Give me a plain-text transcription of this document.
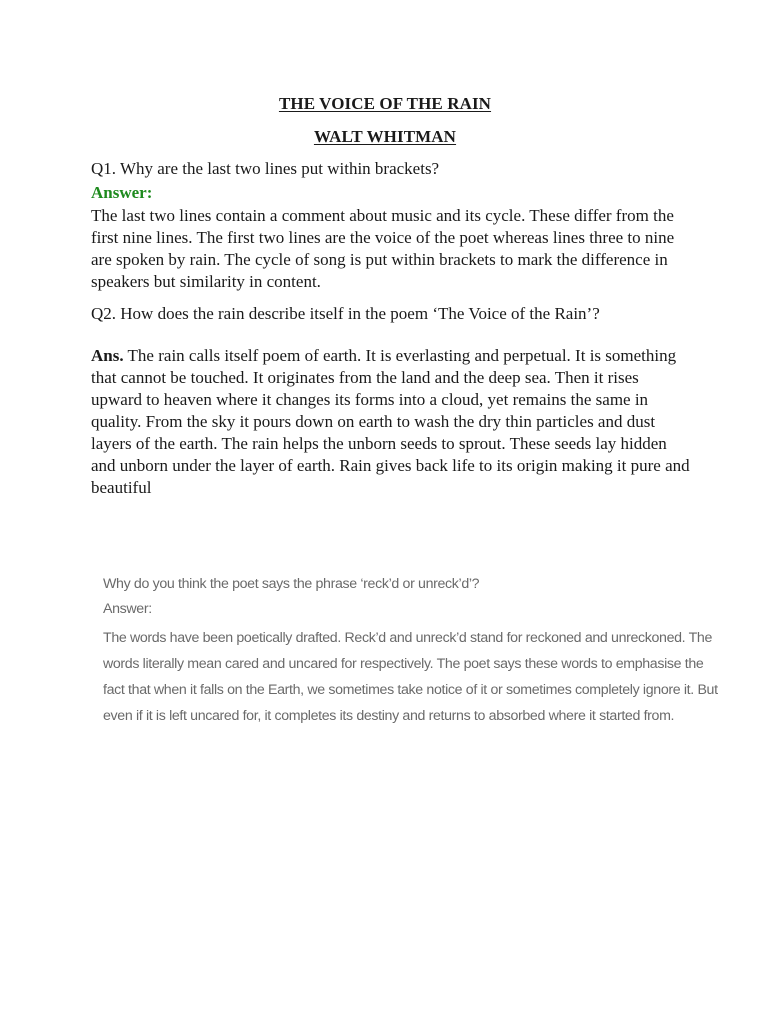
THE VOICE OF THE RAIN
WALT WHITMAN
Q1. Why are the last two lines put within brackets?
Answer:
The last two lines contain a comment about music and its cycle. These differ from the first nine lines. The first two lines are the voice of the poet whereas lines three to nine are spoken by rain. The cycle of song is put within brackets to mark the difference in speakers but similarity in content.
Q2. How does the rain describe itself in the poem ‘The Voice of the Rain’?
Ans. The rain calls itself poem of earth. It is everlasting and perpetual. It is something that cannot be touched. It originates from the land and the deep sea. Then it rises upward to heaven where it changes its forms into a cloud, yet remains the same in quality. From the sky it pours down on earth to wash the dry thin particles and dust layers of the earth. The rain helps the unborn seeds to sprout. These seeds lay hidden and unborn under the layer of earth. Rain gives back life to its origin making it pure and beautiful
Why do you think the poet says the phrase ‘reck’d or unreck’d’?
Answer:
The words have been poetically drafted. Reck’d and unreck’d stand for reckoned and unreckoned. The words literally mean cared and uncared for respectively. The poet says these words to emphasise the fact that when it falls on the Earth, we sometimes take notice of it or sometimes completely ignore it. But even if it is left uncared for, it completes its destiny and returns to absorbed where it started from.
